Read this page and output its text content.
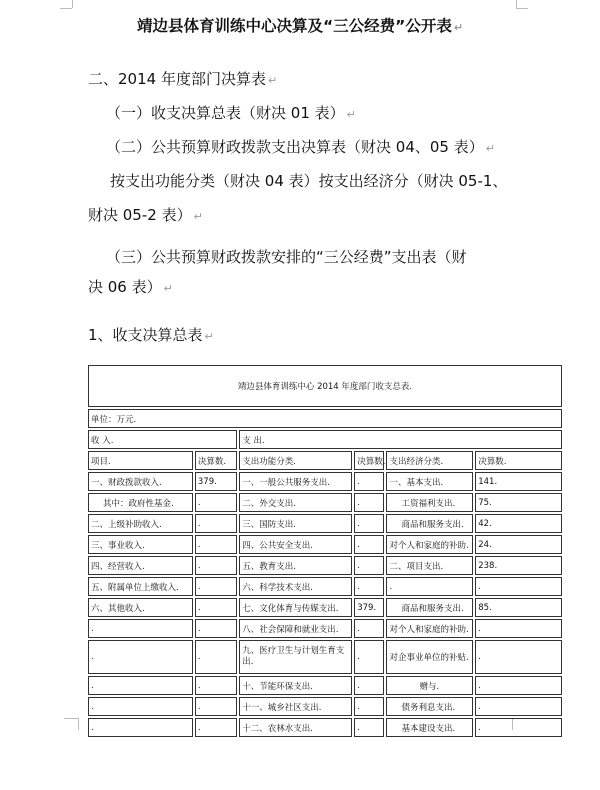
靖边县体育训练中心决算及“三公经费”公开表 ↵
二、2014 年度部门决算表 ↵
（一）收支决算总表（财决 01 表） ↵
（二）公共预算财政拨款支出决算表（财决 04、05 表） ↵
按支出功能分类（财决 04 表）按支出经济分（财决 05-1、
财决 05-2 表） ↵
（三）公共预算财政拨款安排的“三公经费”支出表（财
决 06 表） ↵
1、收支决算总表 ↵
靖边县体育训练中心 2014 年度部门收支总表.					
单位：万元.					
收 入.		支 出.			
项目.	决算数.	支出功能分类.	决算数.	支出经济分类.	决算数.
一、财政拨款收入.	379.	一、一般公共服务支出.	.	一、基本支出.	141.
其中：政府性基金.	.	二、外交支出.	.	工资福利支出.	75.
二、上级补助收入.	.	三、国防支出.	.	商品和服务支出.	42.
三、事业收入.	.	四、公共安全支出.	.	对个人和家庭的补助.	24.
四、经营收入.	.	五、教育支出.	.	二、项目支出.	238.
五、附属单位上缴收入.	.	六、科学技术支出.	.	.	.
六、其他收入.	.	七、文化体育与传媒支出.	379.	商品和服务支出.	85.
.	.	八、社会保障和就业支出.	.	对个人和家庭的补助.	.
.	.	九、医疗卫生与计划生育支出.	.	对企事业单位的补贴.	.
.	.	十、节能环保支出.	.	赠与.	.
.	.	十一、城乡社区支出.	.	债务利息支出.	.
.	.	十二、农林水支出.	.	基本建设支出.	.
